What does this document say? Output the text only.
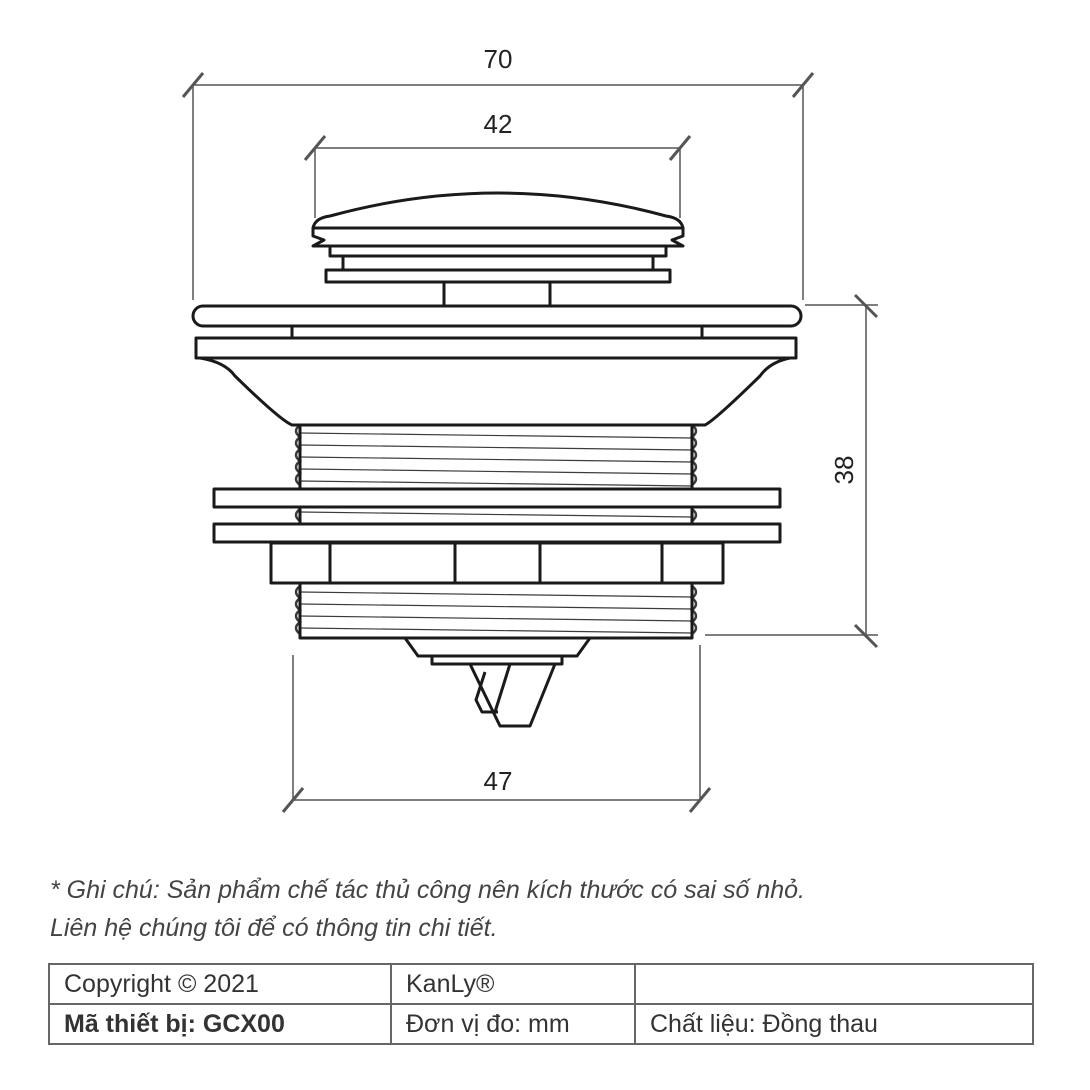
70
42
47
38
* Ghi chú: Sản phẩm chế tác thủ công nên kích thước có sai số nhỏ.
Liên hệ chúng tôi để có thông tin chi tiết.
Copyright © 2021	KanLy®	
Mã thiết bị: GCX00	Đơn vị đo: mm	Chất liệu: Đồng thau
